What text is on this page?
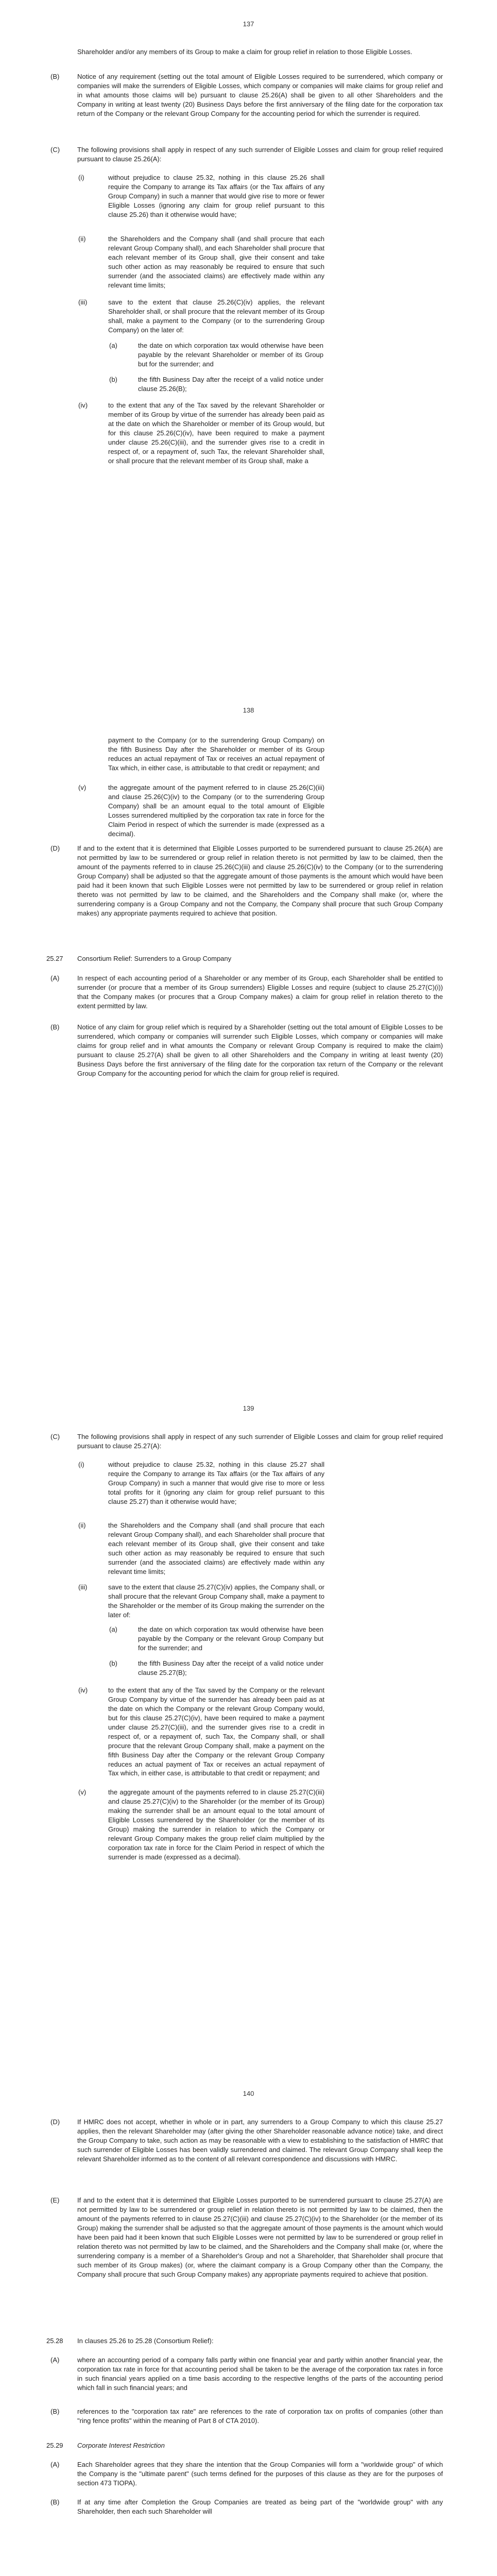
137
Shareholder and/or any members of its Group to make a claim for group relief in relation to those Eligible Losses.
(B)	Notice of any requirement (setting out the total amount of Eligible Losses required to be surrendered, which company or companies will make the surrenders of Eligible Losses, which company or companies will make claims for group relief and in what amounts those claims will be) pursuant to clause 25.26(A) shall be given to all other Shareholders and the Company in writing at least twenty (20) Business Days before the first anniversary of the filing date for the corporation tax return of the Company or the relevant Group Company for the accounting period for which the surrender is required.
(C)	The following provisions shall apply in respect of any such surrender of Eligible Losses and claim for group relief required pursuant to clause 25.26(A):
(i)	without prejudice to clause 25.32, nothing in this clause 25.26 shall require the Company to arrange its Tax affairs (or the Tax affairs of any Group Company) in such a manner that would give rise to more or fewer Eligible Losses (ignoring any claim for group relief pursuant to this clause 25.26) than it otherwise would have;
(ii)	the Shareholders and the Company shall (and shall procure that each relevant Group Company shall), and each Shareholder shall procure that each relevant member of its Group shall, give their consent and take such other action as may reasonably be required to ensure that such surrender (and the associated claims) are effectively made within any relevant time limits;
(iii)	save to the extent that clause 25.26(C)(iv) applies, the relevant Shareholder shall, or shall procure that the relevant member of its Group shall, make a payment to the Company (or to the surrendering Group Company) on the later of:
(a)	the date on which corporation tax would otherwise have been payable by the relevant Shareholder or member of its Group but for the surrender; and
(b)	the fifth Business Day after the receipt of a valid notice under clause 25.26(B);
(iv)	to the extent that any of the Tax saved by the relevant Shareholder or member of its Group by virtue of the surrender has already been paid as at the date on which the Shareholder or member of its Group would, but for this clause 25.26(C)(iv), have been required to make a payment under clause 25.26(C)(iii), and the surrender gives rise to a credit in respect of, or a repayment of, such Tax, the relevant Shareholder shall, or shall procure that the relevant member of its Group shall, make a
138
payment to the Company (or to the surrendering Group Company) on the fifth Business Day after the Shareholder or member of its Group reduces an actual repayment of Tax or receives an actual repayment of Tax which, in either case, is attributable to that credit or repayment; and
(v)	the aggregate amount of the payment referred to in clause 25.26(C)(iii) and clause 25.26(C)(iv) to the Company (or to the surrendering Group Company) shall be an amount equal to the total amount of Eligible Losses surrendered multiplied by the corporation tax rate in force for the Claim Period in respect of which the surrender is made (expressed as a decimal).
(D)	If and to the extent that it is determined that Eligible Losses purported to be surrendered pursuant to clause 25.26(A) are not permitted by law to be surrendered or group relief in relation thereto is not permitted by law to be claimed, then the amount of the payments referred to in clause 25.26(C)(iii) and clause 25.26(C)(iv) to the Company (or to the surrendering Group Company) shall be adjusted so that the aggregate amount of those payments is the amount which would have been paid had it been known that such Eligible Losses were not permitted by law to be surrendered or group relief in relation thereto was not permitted by law to be claimed, and the Shareholders and the Company shall make (or, where the surrendering company is a Group Company and not the Company, the Company shall procure that such Group Company makes) any appropriate payments required to achieve that position.
25.27 Consortium Relief: Surrenders to a Group Company
(A)	In respect of each accounting period of a Shareholder or any member of its Group, each Shareholder shall be entitled to surrender (or procure that a member of its Group surrenders) Eligible Losses and require (subject to clause 25.27(C)(i)) that the Company makes (or procures that a Group Company makes) a claim for group relief in relation thereto to the extent permitted by law.
(B)	Notice of any claim for group relief which is required by a Shareholder (setting out the total amount of Eligible Losses to be surrendered, which company or companies will surrender such Eligible Losses, which company or companies will make claims for group relief and in what amounts the Company or relevant Group Company is required to make the claim) pursuant to clause 25.27(A) shall be given to all other Shareholders and the Company in writing at least twenty (20) Business Days before the first anniversary of the filing date for the corporation tax return of the Company or the relevant Group Company for the accounting period for which the claim for group relief is required.
139
(C)	The following provisions shall apply in respect of any such surrender of Eligible Losses and claim for group relief required pursuant to clause 25.27(A):
(i)	without prejudice to clause 25.32, nothing in this clause 25.27 shall require the Company to arrange its Tax affairs (or the Tax affairs of any Group Company) in such a manner that would give rise to more or less total profits for it (ignoring any claim for group relief pursuant to this clause 25.27) than it otherwise would have;
(ii)	the Shareholders and the Company shall (and shall procure that each relevant Group Company shall), and each Shareholder shall procure that each relevant member of its Group shall, give their consent and take such other action as may reasonably be required to ensure that such surrender (and the associated claims) are effectively made within any relevant time limits;
(iii)	save to the extent that clause 25.27(C)(iv) applies, the Company shall, or shall procure that the relevant Group Company shall, make a payment to the Shareholder or the member of its Group making the surrender on the later of:
(a)	the date on which corporation tax would otherwise have been payable by the Company or the relevant Group Company but for the surrender; and
(b)	the fifth Business Day after the receipt of a valid notice under clause 25.27(B);
(iv)	to the extent that any of the Tax saved by the Company or the relevant Group Company by virtue of the surrender has already been paid as at the date on which the Company or the relevant Group Company would, but for this clause 25.27(C)(iv), have been required to make a payment under clause 25.27(C)(iii), and the surrender gives rise to a credit in respect of, or a repayment of, such Tax, the Company shall, or shall procure that the relevant Group Company shall, make a payment on the fifth Business Day after the Company or the relevant Group Company reduces an actual payment of Tax or receives an actual repayment of Tax which, in either case, is attributable to that credit or repayment; and
(v)	the aggregate amount of the payments referred to in clause 25.27(C)(iii) and clause 25.27(C)(iv) to the Shareholder (or the member of its Group) making the surrender shall be an amount equal to the total amount of Eligible Losses surrendered by the Shareholder (or the member of its Group) making the surrender in relation to which the Company or relevant Group Company makes the group relief claim multiplied by the corporation tax rate in force for the Claim Period in respect of which the surrender is made (expressed as a decimal).
140
(D)	If HMRC does not accept, whether in whole or in part, any surrenders to a Group Company to which this clause 25.27 applies, then the relevant Shareholder may (after giving the other Shareholder reasonable advance notice) take, and direct the Group Company to take, such action as may be reasonable with a view to establishing to the satisfaction of HMRC that such surrender of Eligible Losses has been validly surrendered and claimed. The relevant Group Company shall keep the relevant Shareholder informed as to the content of all relevant correspondence and discussions with HMRC.
(E)	If and to the extent that it is determined that Eligible Losses purported to be surrendered pursuant to clause 25.27(A) are not permitted by law to be surrendered or group relief in relation thereto is not permitted by law to be claimed, then the amount of the payments referred to in clause 25.27(C)(iii) and clause 25.27(C)(iv) to the Shareholder (or the member of its Group) making the surrender shall be adjusted so that the aggregate amount of those payments is the amount which would have been paid had it been known that such Eligible Losses were not permitted by law to be surrendered or group relief in relation thereto was not permitted by law to be claimed, and the Shareholders and the Company shall make (or, where the surrendering company is a member of a Shareholder's Group and not a Shareholder, that Shareholder shall procure that such member of its Group makes) (or, where the claimant company is a Group Company other than the Company, the Company shall procure that such Group Company makes) any appropriate payments required to achieve that position.
25.28 In clauses 25.26 to 25.28 (Consortium Relief):
(A)	where an accounting period of a company falls partly within one financial year and partly within another financial year, the corporation tax rate in force for that accounting period shall be taken to be the average of the corporation tax rates in force in such financial years applied on a time basis according to the respective lengths of the parts of the accounting period which fall in such financial years; and
(B)	references to the "corporation tax rate" are references to the rate of corporation tax on profits of companies (other than "ring fence profits" within the meaning of Part 8 of CTA 2010).
25.29 Corporate Interest Restriction
(A)	Each Shareholder agrees that they share the intention that the Group Companies will form a "worldwide group" of which the Company is the "ultimate parent" (such terms defined for the purposes of this clause as they are for the purposes of section 473 TIOPA).
(B)	If at any time after Completion the Group Companies are treated as being part of the "worldwide group" with any Shareholder, then each such Shareholder will
